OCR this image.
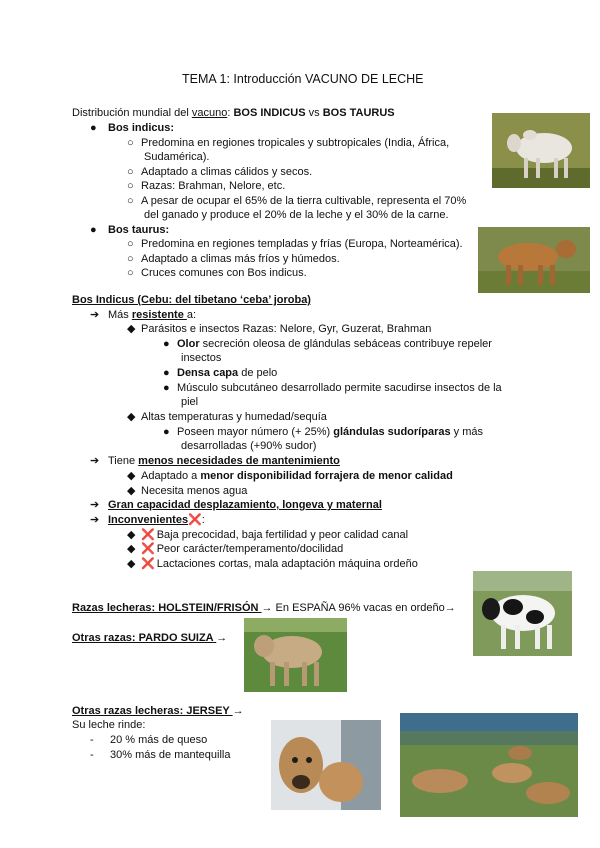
TEMA 1: Introducción VACUNO DE LECHE
Distribución mundial del vacuno: BOS INDICUS vs BOS TAURUS
● Bos indicus:
○ Predomina en regiones tropicales y subtropicales (India, África,
Sudamérica).
○ Adaptado a climas cálidos y secos.
○ Razas: Brahman, Nelore, etc.
○ A pesar de ocupar el 65% de la tierra cultivable, representa el 70%
del ganado y produce el 20% de la leche y el 30% de la carne.
● Bos taurus:
○ Predomina en regiones templadas y frías (Europa, Norteamérica).
○ Adaptado a climas más fríos y húmedos.
○ Cruces comunes con Bos indicus.
Bos Indicus (Cebu: del tibetano ‘ceba’ joroba)
➔ Más resistente a:
◆ Parásitos e insectos Razas: Nelore, Gyr, Guzerat, Brahman
● Olor secreción oleosa de glándulas sebáceas contribuye repeler
insectos
● Densa capa de pelo
● Músculo subcutáneo desarrollado permite sacudirse insectos de la
piel
◆ Altas temperaturas y humedad/sequía
● Poseen mayor número (+ 25%) glándulas sudoríparas y más
desarrolladas (+90% sudor)
➔ Tiene menos necesidades de mantenimiento
◆ Adaptado a menor disponibilidad forrajera de menor calidad
◆ Necesita menos agua
➔ Gran capacidad desplazamiento, longeva y maternal
➔ Inconvenientes❌:
◆ ❌ Baja precocidad, baja fertilidad y peor calidad canal
◆ ❌ Peor carácter/temperamento/docilidad
◆ ❌ Lactaciones cortas, mala adaptación máquina ordeño
Razas lecheras: HOLSTEIN/FRISÓN → En ESPAÑA 96% vacas en ordeño→
Otras razas: PARDO SUIZA →
Otras razas lecheras: JERSEY →
Su leche rinde:
- 20 % más de queso
- 30% más de mantequilla
